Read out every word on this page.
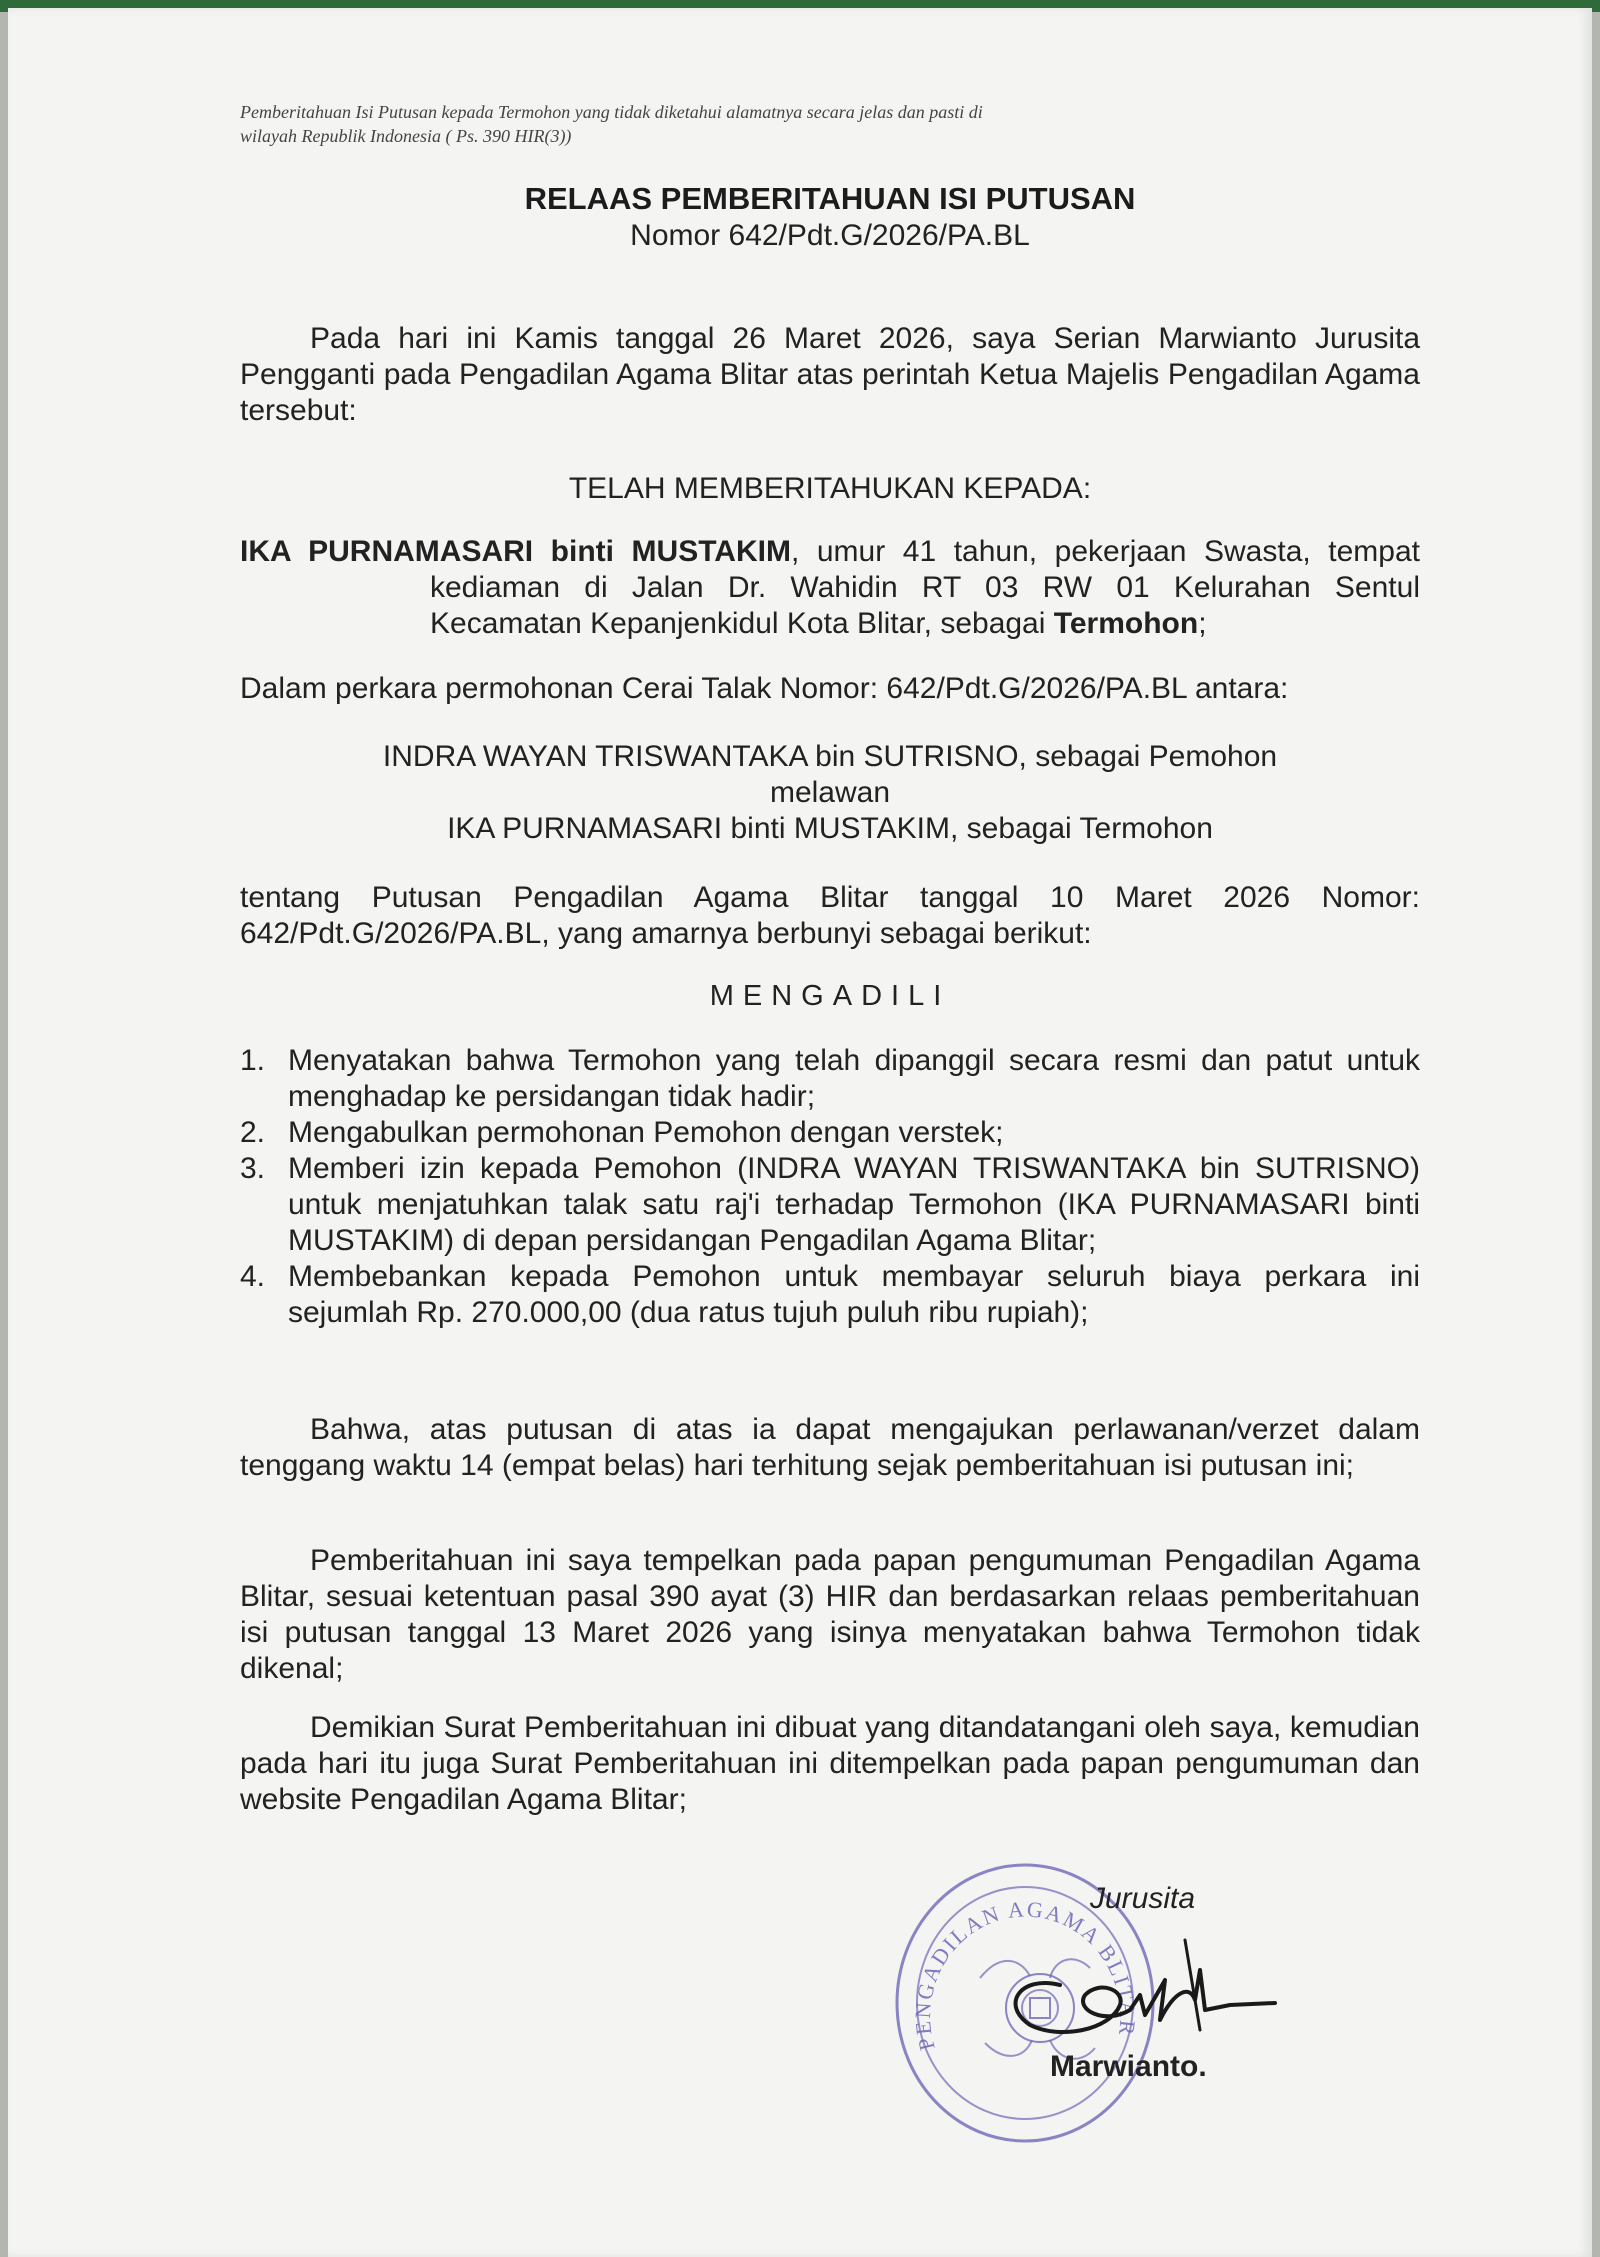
Pemberitahuan Isi Putusan kepada Termohon yang tidak diketahui alamatnya secara jelas dan pasti di wilayah Republik Indonesia ( Ps. 390 HIR(3))
RELAAS PEMBERITAHUAN ISI PUTUSAN
Nomor 642/Pdt.G/2026/PA.BL
Pada hari ini Kamis tanggal 26 Maret 2026, saya Serian Marwianto Jurusita Pengganti pada Pengadilan Agama Blitar atas perintah Ketua Majelis Pengadilan Agama tersebut:
TELAH MEMBERITAHUKAN KEPADA:
IKA PURNAMASARI binti MUSTAKIM, umur 41 tahun, pekerjaan Swasta, tempat kediaman di Jalan Dr. Wahidin RT 03 RW 01 Kelurahan Sentul Kecamatan Kepanjenkidul Kota Blitar, sebagai Termohon;
Dalam perkara permohonan Cerai Talak Nomor: 642/Pdt.G/2026/PA.BL antara:
INDRA WAYAN TRISWANTAKA bin SUTRISNO, sebagai Pemohon
melawan
IKA PURNAMASARI binti MUSTAKIM, sebagai Termohon
tentang Putusan Pengadilan Agama Blitar tanggal 10 Maret 2026 Nomor: 642/Pdt.G/2026/PA.BL, yang amarnya berbunyi sebagai berikut:
MENGADILI
1. Menyatakan bahwa Termohon yang telah dipanggil secara resmi dan patut untuk menghadap ke persidangan tidak hadir;
2. Mengabulkan permohonan Pemohon dengan verstek;
3. Memberi izin kepada Pemohon (INDRA WAYAN TRISWANTAKA bin SUTRISNO) untuk menjatuhkan talak satu raj'i terhadap Termohon (IKA PURNAMASARI binti MUSTAKIM) di depan persidangan Pengadilan Agama Blitar;
4. Membebankan kepada Pemohon untuk membayar seluruh biaya perkara ini sejumlah Rp. 270.000,00 (dua ratus tujuh puluh ribu rupiah);
Bahwa, atas putusan di atas ia dapat mengajukan perlawanan/verzet dalam tenggang waktu 14 (empat belas) hari terhitung sejak pemberitahuan isi putusan ini;
Pemberitahuan ini saya tempelkan pada papan pengumuman Pengadilan Agama Blitar, sesuai ketentuan pasal 390 ayat (3) HIR dan berdasarkan relaas pemberitahuan isi putusan tanggal 13 Maret 2026 yang isinya menyatakan bahwa Termohon tidak dikenal;
Demikian Surat Pemberitahuan ini dibuat yang ditandatangani oleh saya, kemudian pada hari itu juga Surat Pemberitahuan ini ditempelkan pada papan pengumuman dan website Pengadilan Agama Blitar;
PENGADILAN AGAMA BLITAR
Jurusita
Marwianto.
